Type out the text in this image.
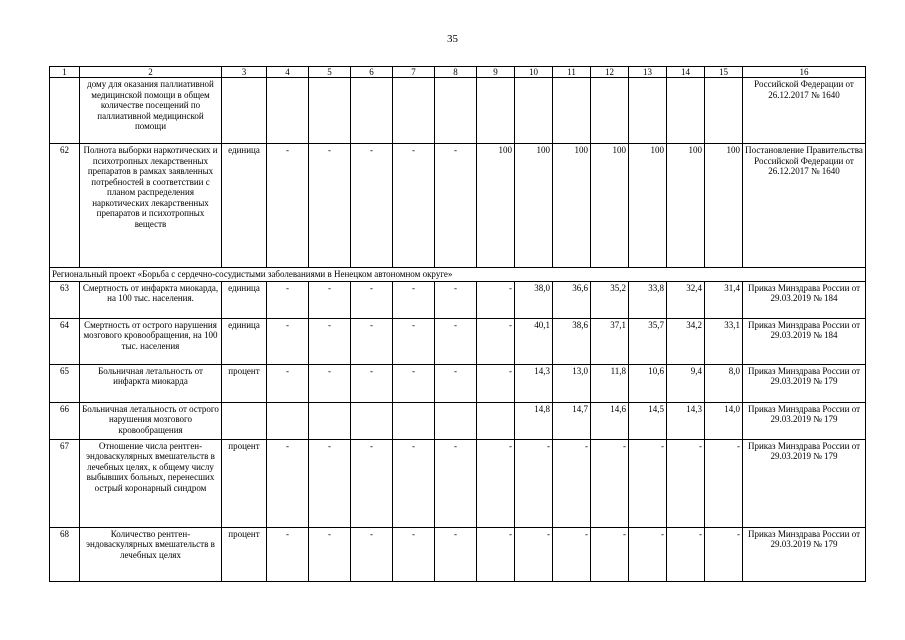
35
1	2	3	4	5	6	7	8	9	10	11	12	13	14	15	16
	дому для оказания паллиативной медицинской помощи в общем количестве посещений по паллиативной медицинской помощи														Российской Федерации от 26.12.2017 № 1640
62	Полнота выборки наркотических и психотропных лекарственных препаратов в рамках заявленных потребностей в соответствии с планом распределения наркотических лекарственных препаратов и психотропных веществ	единица	-	-	-	-	-	100	100	100	100	100	100	100	Постановление Правительства Российской Федерации от 26.12.2017 № 1640
Региональный проект «Борьба с сердечно-сосудистыми заболеваниями в Ненецком автономном округе»															
63	Смертность от инфаркта миокарда, на 100 тыс. населения.	единица	-	-	-	-	-	-	38,0	36,6	35,2	33,8	32,4	31,4	Приказ Минздрава России от 29.03.2019 № 184
64	Смертность от острого нарушения мозгового кровообращения, на 100 тыс. населения	единица	-	-	-	-	-	-	40,1	38,6	37,1	35,7	34,2	33,1	Приказ Минздрава России от 29.03.2019 № 184
65	Больничная летальность от инфаркта миокарда	процент	-	-	-	-	-	-	14,3	13,0	11,8	10,6	9,4	8,0	Приказ Минздрава России от 29.03.2019 № 179
66	Больничная летальность от острого нарушения мозгового кровообращения								14,8	14,7	14,6	14,5	14,3	14,0	Приказ Минздрава России от 29.03.2019 № 179
67	Отношение числа рентген-эндоваскулярных вмешательств в лечебных целях, к общему числу выбывших больных, перенесших острый коронарный синдром	процент	-	-	-	-	-	-	-	-	-	-	-	-	Приказ Минздрава России от 29.03.2019 № 179
68	Количество рентген-эндоваскулярных вмешательств в лечебных целях	процент	-	-	-	-	-	-	-	-	-	-	-	-	Приказ Минздрава России от 29.03.2019 № 179
